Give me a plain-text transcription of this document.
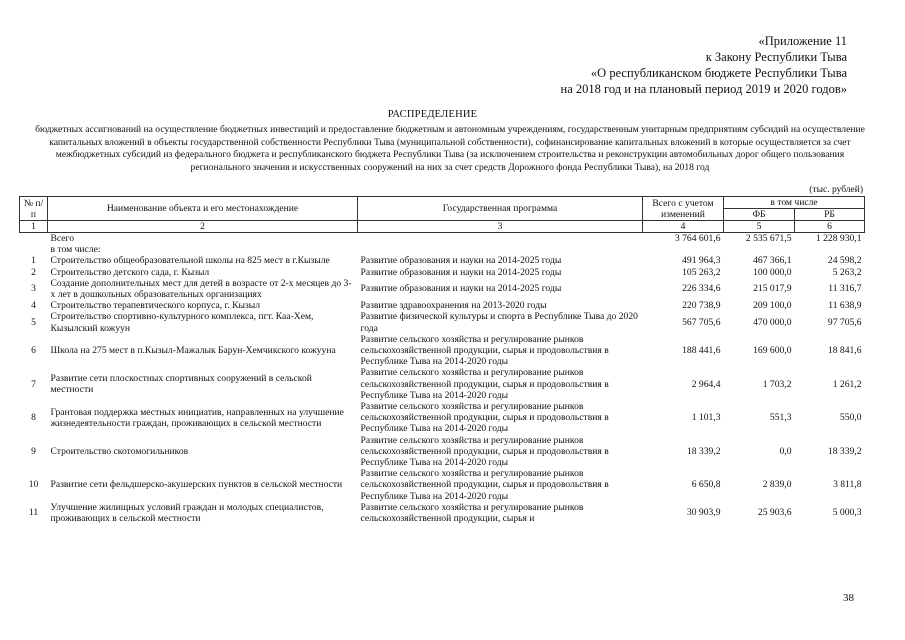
«Приложение 11
к Закону Республики Тыва
«О республиканском бюджете Республики Тыва
на 2018 год и на плановый период 2019 и 2020 годов»
РАСПРЕДЕЛЕНИЕ
бюджетных ассигнований на осуществление бюджетных инвестиций и предоставление бюджетным и автономным учреждениям, государственным унитарным предприятиям субсидий на осуществление капитальных вложений в объекты государственной собственности Республики Тыва (муниципальной собственности), софинансирование капитальных вложений в которые осуществляется за счет межбюджетных субсидий из федерального бюджета и республиканского бюджета Республики Тыва (за исключением строительства и реконструкции автомобильных дорог общего пользования регионального значения и искусственных сооружений на них за счет средств Дорожного фонда Республики Тыва), на 2018 год
(тыс. рублей)
№ п/п	Наименование объекта и его местонахождение	Государственная программа	Всего с учетом изменений	в том числе	
				ФБ	РБ
1	2	3	4	5	6
	Всего		3 764 601,6	2 535 671,5	1 228 930,1
	в том числе:				
1	Строительство общеобразовательной школы на 825 мест в г.Кызыле	Развитие образования и науки на 2014-2025 годы	491 964,3	467 366,1	24 598,2
2	Строительство детского сада, г. Кызыл	Развитие образования и науки на 2014-2025 годы	105 263,2	100 000,0	5 263,2
3	Создание дополнительных мест для детей в возрасте от 2-х месяцев до 3-х лет в дошкольных образовательных организациях	Развитие образования и науки на 2014-2025 годы	226 334,6	215 017,9	11 316,7
4	Строительство терапевтического корпуса, г. Кызыл	Развитие здравоохранения на 2013-2020 годы	220 738,9	209 100,0	11 638,9
5	Строительство спортивно-культурного комплекса, пгт. Каа-Хем, Кызылский кожуун	Развитие физической культуры и спорта в Республике Тыва до 2020 года	567 705,6	470 000,0	97 705,6
6	Школа на 275 мест в п.Кызыл-Мажалык Барун-Хемчикского кожууна	Развитие сельского хозяйства и регулирование рынков сельскохозяйственной продукции, сырья и продовольствия в Республике Тыва на 2014-2020 годы	188 441,6	169 600,0	18 841,6
7	Развитие сети плоскостных спортивных сооружений в сельской местности	Развитие сельского хозяйства и регулирование рынков сельскохозяйственной продукции, сырья и продовольствия в Республике Тыва на 2014-2020 годы	2 964,4	1 703,2	1 261,2
8	Грантовая поддержка местных инициатив, направленных на улучшение жизнедеятельности граждан, проживающих в сельской местности	Развитие сельского хозяйства и регулирование рынков сельскохозяйственной продукции, сырья и продовольствия в Республике Тыва на 2014-2020 годы	1 101,3	551,3	550,0
9	Строительство скотомогильников	Развитие сельского хозяйства и регулирование рынков сельскохозяйственной продукции, сырья и продовольствия в Республике Тыва на 2014-2020 годы	18 339,2	0,0	18 339,2
10	Развитие сети фельдшерско-акушерских пунктов в сельской местности	Развитие сельского хозяйства и регулирование рынков сельскохозяйственной продукции, сырья и продовольствия в Республике Тыва на 2014-2020 годы	6 650,8	2 839,0	3 811,8
11	Улучшение жилищных условий граждан и молодых специалистов, проживающих в сельской местности	Развитие сельского хозяйства и регулирование рынков сельскохозяйственной продукции, сырья и	30 903,9	25 903,6	5 000,3
38
